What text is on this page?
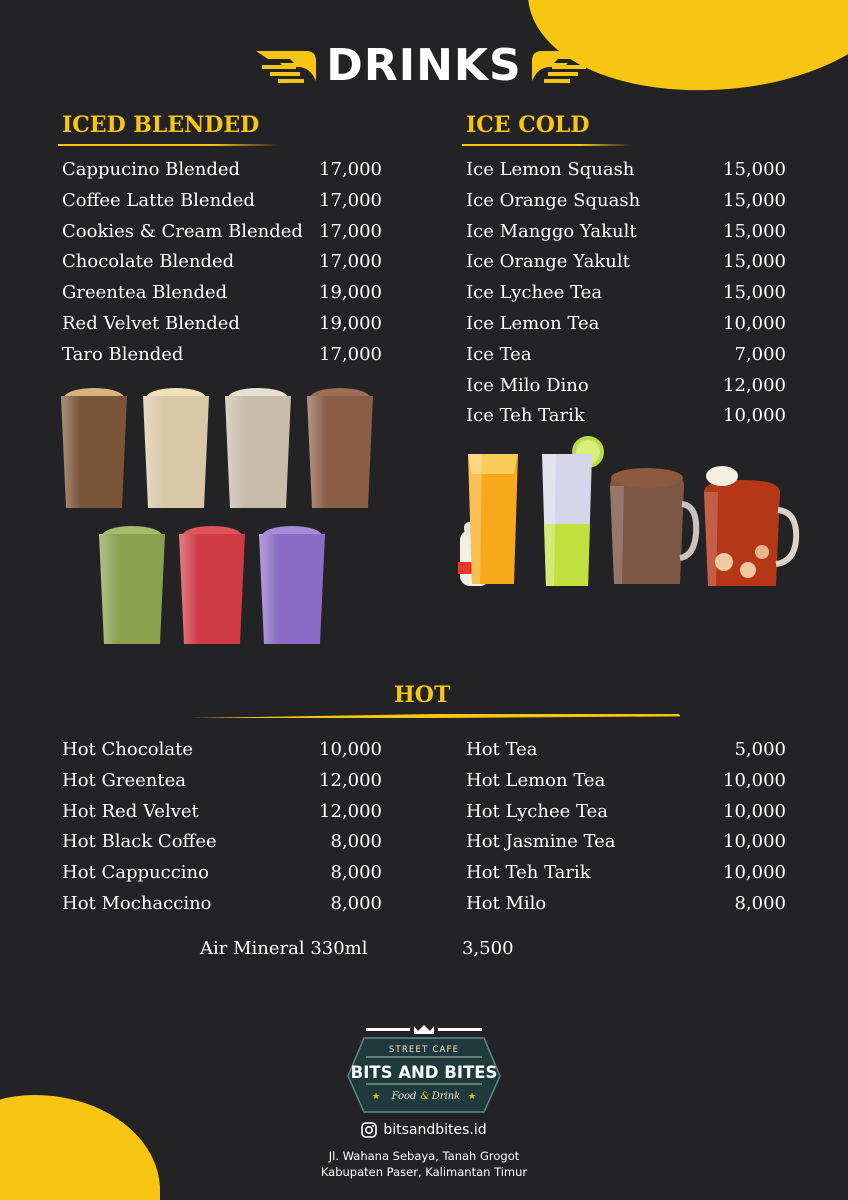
DRINKS
ICED BLENDED
Cappucino Blended	17,000
Coffee Latte Blended	17,000
Cookies & Cream Blended 17,000
Chocolate Blended	17,000
Greentea Blended	19,000
Red Velvet Blended	19,000
Taro Blended	17,000
ICE COLD
Ice Lemon Squash	15,000
Ice Orange Squash	15,000
Ice Manggo Yakult	15,000
Ice Orange Yakult	15,000
Ice Lychee Tea	15,000
Ice Lemon Tea	10,000
Ice Tea	7,000
Ice Milo Dino	12,000
Ice Teh Tarik	10,000
HOT
Hot Chocolate	10,000
Hot Greentea	12,000
Hot Red Velvet	12,000
Hot Black Coffee	8,000
Hot Cappuccino	8,000
Hot Mochaccino	8,000
Hot Tea	5,000
Hot Lemon Tea	10,000
Hot Lychee Tea	10,000
Hot Jasmine Tea	10,000
Hot Teh Tarik	10,000
Hot Milo	8,000
Air Mineral 330ml	3,500
STREET CAFE
BITS AND BITES
★ Food & Drink ★
bitsandbites.id
Jl. Wahana Sebaya, Tanah Grogot
Kabupaten Paser, Kalimantan Timur
